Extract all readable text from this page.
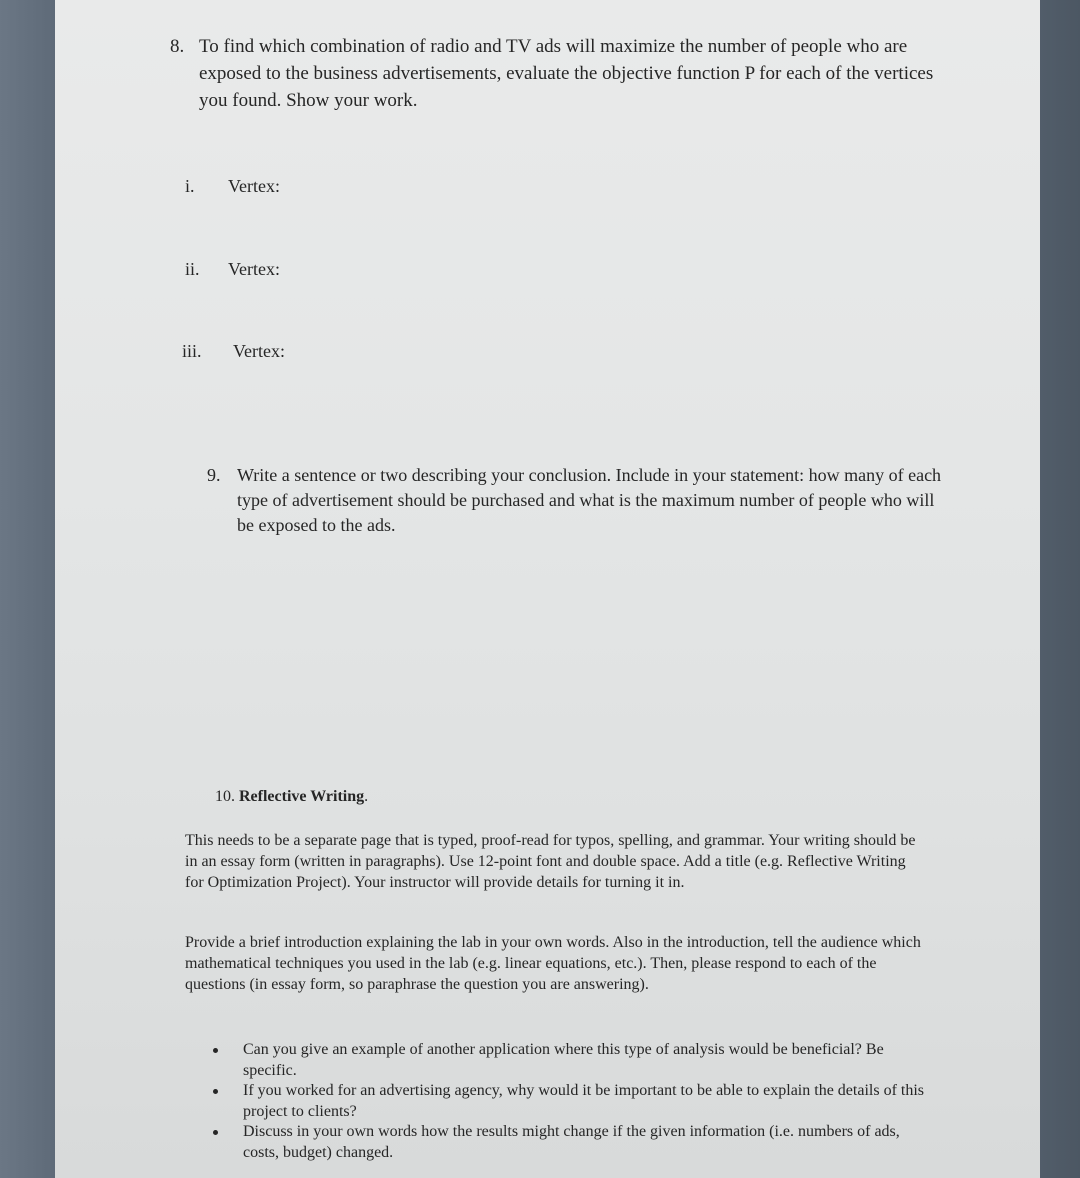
8. To find which combination of radio and TV ads will maximize the number of people who are exposed to the business advertisements, evaluate the objective function P for each of the vertices you found. Show your work.
i. Vertex:
ii. Vertex:
iii. Vertex:
9. Write a sentence or two describing your conclusion. Include in your statement: how many of each type of advertisement should be purchased and what is the maximum number of people who will be exposed to the ads.
10. Reflective Writing.
This needs to be a separate page that is typed, proof-read for typos, spelling, and grammar. Your writing should be in an essay form (written in paragraphs). Use 12-point font and double space. Add a title (e.g. Reflective Writing for Optimization Project). Your instructor will provide details for turning it in.
Provide a brief introduction explaining the lab in your own words. Also in the introduction, tell the audience which mathematical techniques you used in the lab (e.g. linear equations, etc.). Then, please respond to each of the questions (in essay form, so paraphrase the question you are answering).
Can you give an example of another application where this type of analysis would be beneficial? Be specific.
If you worked for an advertising agency, why would it be important to be able to explain the details of this project to clients?
Discuss in your own words how the results might change if the given information (i.e. numbers of ads, costs, budget) changed.
